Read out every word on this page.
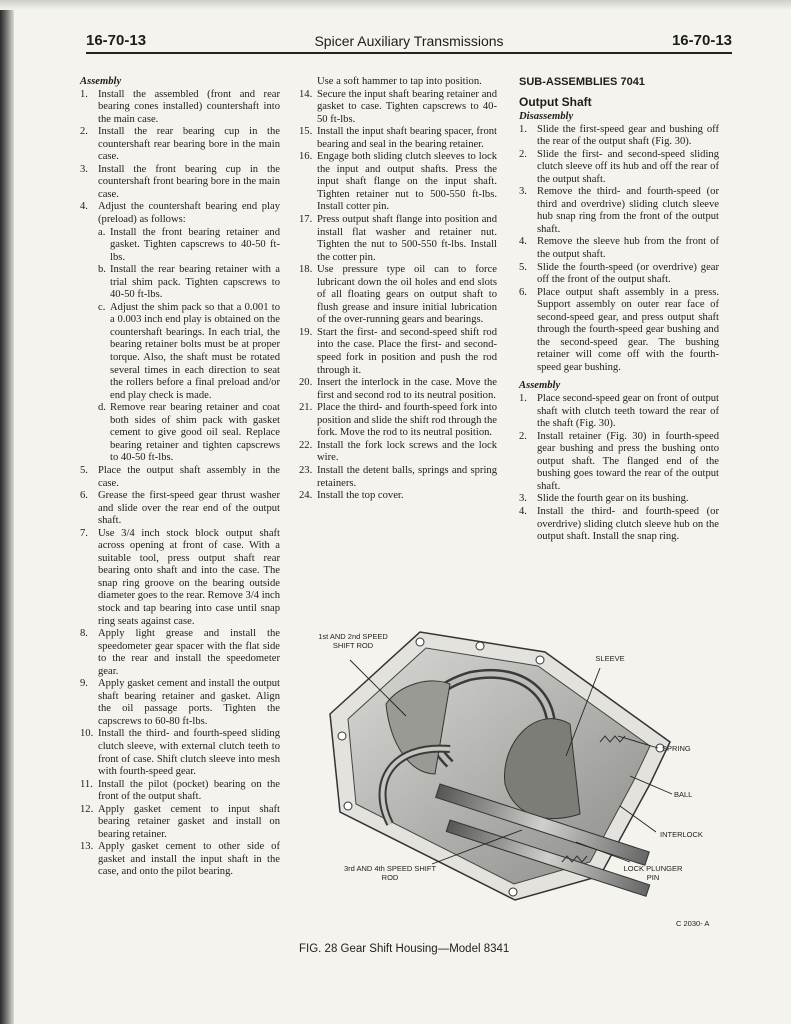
16-70-13	Spicer Auxiliary Transmissions	16-70-13
Assembly
1. Install the assembled (front and rear bearing cones installed) countershaft into the main case.
2. Install the rear bearing cup in the countershaft rear bearing bore in the main case.
3. Install the front bearing cup in the countershaft front bearing bore in the main case.
4. Adjust the countershaft bearing end play (preload) as follows:
a. Install the front bearing retainer and gasket. Tighten capscrews to 40-50 ft-lbs.
b. Install the rear bearing retainer with a trial shim pack. Tighten capscrews to 40-50 ft-lbs.
c. Adjust the shim pack so that a 0.001 to a 0.003 inch end play is obtained on the countershaft bearings. In each trial, the bearing retainer bolts must be at proper torque. Also, the shaft must be rotated several times in each direction to seat the rollers before a final preload and/or end play check is made.
d. Remove rear bearing retainer and coat both sides of shim pack with gasket cement to give good oil seal. Replace bearing retainer and tighten capscrews to 40-50 ft-lbs.
5. Place the output shaft assembly in the case.
6. Grease the first-speed gear thrust washer and slide over the rear end of the output shaft.
7. Use 3/4 inch stock block output shaft across opening at front of case. With a suitable tool, press output shaft rear bearing onto shaft and into the case. The snap ring groove on the bearing outside diameter goes to the rear. Remove 3/4 inch stock and tap bearing into case until snap ring seats against case.
8. Apply light grease and install the speedometer gear spacer with the flat side to the rear and install the speedometer gear.
9. Apply gasket cement and install the output shaft bearing retainer and gasket. Align the oil passage ports. Tighten the capscrews to 60-80 ft-lbs.
10. Install the third- and fourth-speed sliding clutch sleeve, with external clutch teeth to front of case. Shift clutch sleeve into mesh with fourth-speed gear.
11. Install the pilot (pocket) bearing on the front of the output shaft.
12. Apply gasket cement to input shaft bearing retainer gasket and install on bearing retainer.
13. Apply gasket cement to other side of gasket and install the input shaft in the case, and onto the pilot bearing.
Use a soft hammer to tap into position.
14. Secure the input shaft bearing retainer and gasket to case. Tighten capscrews to 40-50 ft-lbs.
15. Install the input shaft bearing spacer, front bearing and seal in the bearing retainer.
16. Engage both sliding clutch sleeves to lock the input and output shafts. Press the input shaft flange on the input shaft. Tighten retainer nut to 500-550 ft-lbs. Install cotter pin.
17. Press output shaft flange into position and install flat washer and retainer nut. Tighten the nut to 500-550 ft-lbs. Install the cotter pin.
18. Use pressure type oil can to force lubricant down the oil holes and end slots of all floating gears on output shaft to flush grease and insure initial lubrication of the over-running gears and bearings.
19. Start the first- and second-speed shift rod into the case. Place the first- and second-speed fork in position and push the rod through it.
20. Insert the interlock in the case. Move the first and second rod to its neutral position.
21. Place the third- and fourth-speed fork into position and slide the shift rod through the fork. Move the rod to its neutral position.
22. Install the fork lock screws and the lock wire.
23. Install the detent balls, springs and spring retainers.
24. Install the top cover.
SUB-ASSEMBLIES 7041
Output Shaft
Disassembly
1. Slide the first-speed gear and bushing off the rear of the output shaft (Fig. 30).
2. Slide the first- and second-speed sliding clutch sleeve off its hub and off the rear of the output shaft.
3. Remove the third- and fourth-speed (or third and overdrive) sliding clutch sleeve hub snap ring from the front of the output shaft.
4. Remove the sleeve hub from the front of the output shaft.
5. Slide the fourth-speed (or overdrive) gear off the front of the output shaft.
6. Place output shaft assembly in a press. Support assembly on outer rear face of second-speed gear, and press output shaft through the fourth-speed gear bushing and the second-speed gear. The bushing retainer will come off with the fourth-speed gear bushing.
Assembly
1. Place second-speed gear on front of output shaft with clutch teeth toward the rear of the shaft (Fig. 30).
2. Install retainer (Fig. 30) in fourth-speed gear bushing and press the bushing onto output shaft. The flanged end of the bushing goes toward the rear of the output shaft.
3. Slide the fourth gear on its bushing.
4. Install the third- and fourth-speed (or overdrive) sliding clutch sleeve hub on the output shaft. Install the snap ring.
1st AND 2nd SPEED SHIFT ROD
SLEEVE
SPRING
BALL
INTERLOCK
3rd AND 4th SPEED SHIFT ROD
LOCK PLUNGER PIN
C 2030- A
FIG. 28 Gear Shift Housing—Model 8341
